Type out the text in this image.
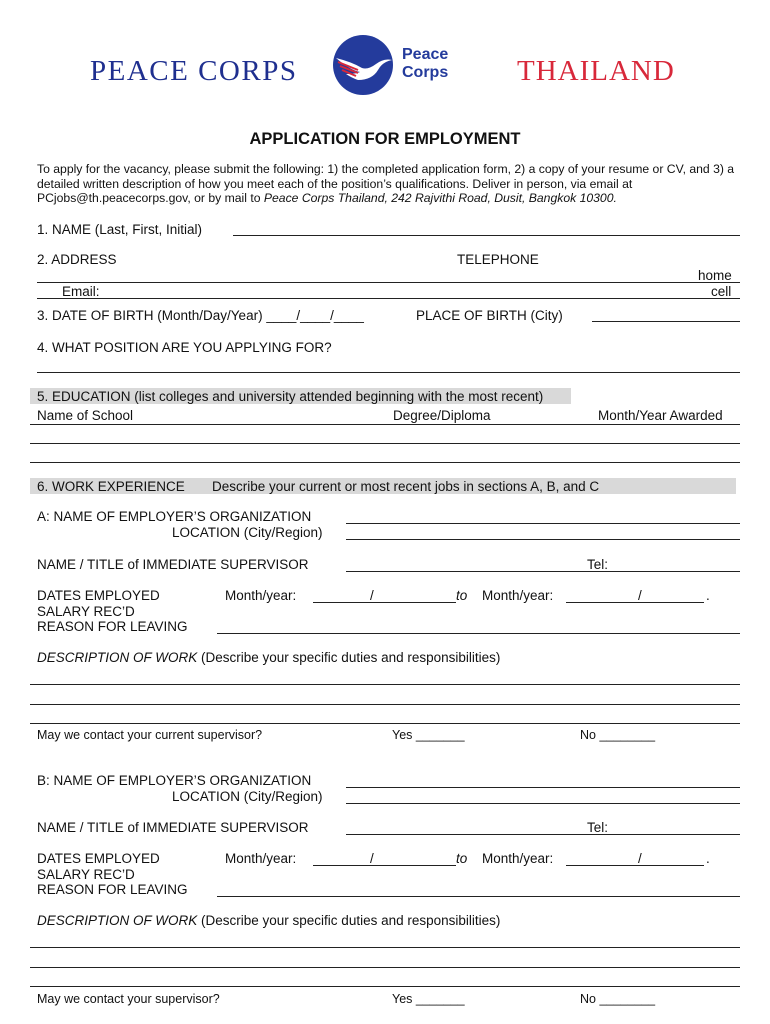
PEACE CORPS
Peace
Corps THAILAND
APPLICATION FOR EMPLOYMENT
To apply for the vacancy, please submit the following: 1) the completed application form, 2) a copy of your resume or CV, and 3) a detailed written description of how you meet each of the position’s qualifications. Deliver in person, via email at PCjobs@th.peacecorps.gov, or by mail to Peace Corps Thailand, 242 Rajvithi Road, Dusit, Bangkok 10300.
1. NAME (Last, First, Initial)
2. ADDRESS	TELEPHONE
home
Email:	cell
3. DATE OF BIRTH (Month/Day/Year) ____/____/____	PLACE OF BIRTH (City)
4. WHAT POSITION ARE YOU APPLYING FOR?
5. EDUCATION (list colleges and university attended beginning with the most recent)
Name of School	Degree/Diploma	Month/Year Awarded
6. WORK EXPERIENCE Describe your current or most recent jobs in sections A, B, and C
A: NAME OF EMPLOYER’S ORGANIZATION
LOCATION (City/Region)
NAME / TITLE of IMMEDIATE SUPERVISOR	Tel:
DATES EMPLOYED	Month/year:	/	to Month/year:	/	.
SALARY REC’D
REASON FOR LEAVING
DESCRIPTION OF WORK (Describe your specific duties and responsibilities)
May we contact your current supervisor?	Yes _______	No ________
B: NAME OF EMPLOYER’S ORGANIZATION
LOCATION (City/Region)
NAME / TITLE of IMMEDIATE SUPERVISOR	Tel:
DATES EMPLOYED	Month/year:	/	to Month/year:	/	.
SALARY REC’D
REASON FOR LEAVING
DESCRIPTION OF WORK (Describe your specific duties and responsibilities)
May we contact your supervisor?	Yes _______	No ________
